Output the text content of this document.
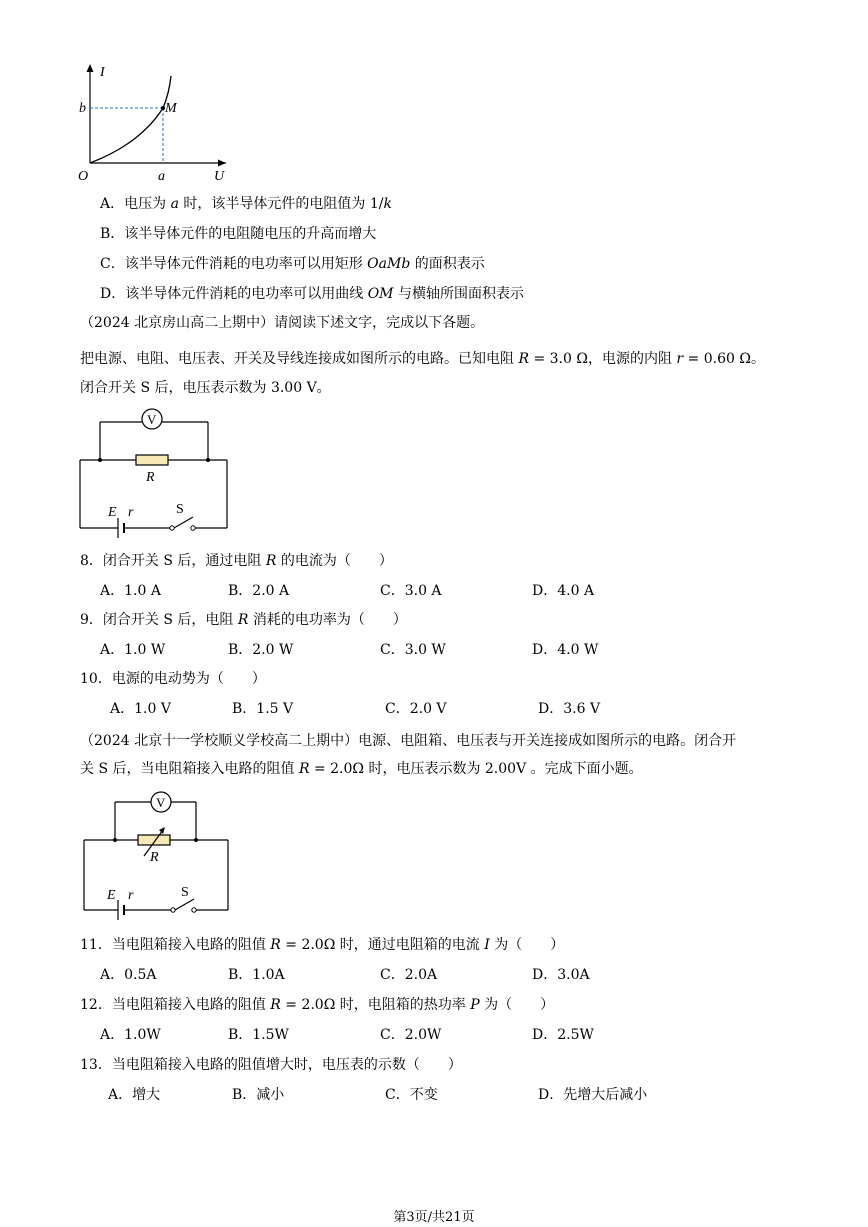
I
U
O
b
a
M
A．电压为 a 时，该半导体元件的电阻值为 1/k
B．该半导体元件的电阻随电压的升高而增大
C．该半导体元件消耗的电功率可以用矩形 OaMb 的面积表示
D．该半导体元件消耗的电功率可以用曲线 OM 与横轴所围面积表示
（2024 北京房山高二上期中）请阅读下述文字，完成以下各题。
把电源、电阻、电压表、开关及导线连接成如图所示的电路。已知电阻 R = 3.0 Ω，电源的内阻 r = 0.60 Ω。
闭合开关 S 后，电压表示数为 3.00 V。
V
R
E r	S
8．闭合开关 S 后，通过电阻 R 的电流为（　　）
A．1.0 A	B．2.0 A	C．3.0 A	D．4.0 A
9．闭合开关 S 后，电阻 R 消耗的电功率为（　　）
A．1.0 W	B．2.0 W	C．3.0 W	D．4.0 W
10．电源的电动势为（　　）
A．1.0 V	B．1.5 V	C．2.0 V	D．3.6 V
（2024 北京十一学校顺义学校高二上期中）电源、电阻箱、电压表与开关连接成如图所示的电路。闭合开
关 S 后，当电阻箱接入电路的阻值 R = 2.0Ω 时，电压表示数为 2.00V 。完成下面小题。
V
R
E r	S
11．当电阻箱接入电路的阻值 R = 2.0Ω 时，通过电阻箱的电流 I 为（　　）
A．0.5A	B．1.0A	C．2.0A	D．3.0A
12．当电阻箱接入电路的阻值 R = 2.0Ω 时，电阻箱的热功率 P 为（　　）
A．1.0W	B．1.5W	C．2.0W	D．2.5W
13．当电阻箱接入电路的阻值增大时，电压表的示数（　　）
A．增大	B．减小	C．不变	D．先增大后减小
第3页/共21页
